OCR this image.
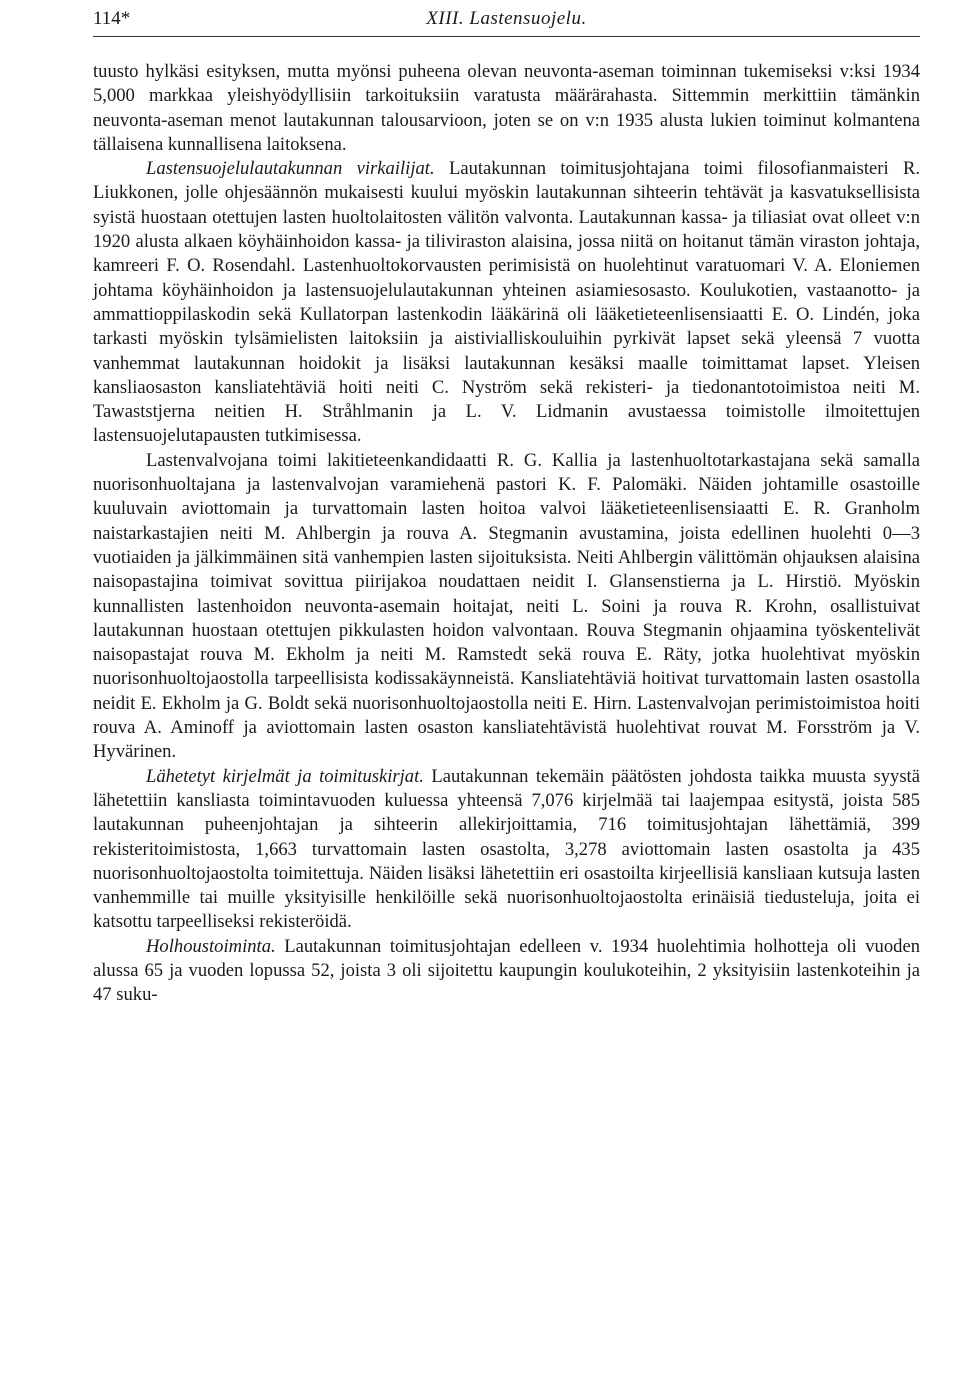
114*	XIII. Lastensuojelu.

tuusto hylkäsi esityksen, mutta myönsi puheena olevan neuvonta-aseman toiminnan tukemiseksi v:ksi 1934 5,000 markkaa yleishyödyllisiin tarkoituksiin varatusta määrärahasta. Sittemmin merkittiin tämänkin neuvonta-aseman menot lautakunnan talousarvioon, joten se on v:n 1935 alusta lukien toiminut kolmantena tällaisena kunnallisena laitoksena.

Lastensuojelulautakunnan virkailijat. Lautakunnan toimitusjohtajana toimi filosofianmaisteri R. Liukkonen, jolle ohjesäännön mukaisesti kuului myöskin lautakunnan sihteerin tehtävät ja kasvatuksellisista syistä huostaan otettujen lasten huoltolaitosten välitön valvonta. Lautakunnan kassa- ja tiliasiat ovat olleet v:n 1920 alusta alkaen köyhäinhoidon kassa- ja tiliviraston alaisina, jossa niitä on hoitanut tämän viraston johtaja, kamreeri F. O. Rosendahl. Lastenhuoltokorvausten perimisistä on huolehtinut varatuomari V. A. Eloniemen johtama köyhäinhoidon ja lastensuojelulautakunnan yhteinen asiamiesosasto. Koulukotien, vastaanotto- ja ammattioppilaskodin sekä Kullatorpan lastenkodin lääkärinä oli lääketieteenlisensiaatti E. O. Lindén, joka tarkasti myöskin tylsämielisten laitoksiin ja aistivialliskouluihin pyrkivät lapset sekä yleensä 7 vuotta vanhemmat lautakunnan hoidokit ja lisäksi lautakunnan kesäksi maalle toimittamat lapset. Yleisen kansliaosaston kansliatehtäviä hoiti neiti C. Nyström sekä rekisteri- ja tiedonantotoimistoa neiti M. Tawaststjerna neitien H. Stråhlmanin ja L. V. Lidmanin avustaessa toimistolle ilmoitettujen lastensuojelutapausten tutkimisessa.

Lastenvalvojana toimi lakitieteenkandidaatti R. G. Kallia ja lastenhuoltotarkastajana sekä samalla nuorisonhuoltajana ja lastenvalvojan varamiehenä pastori K. F. Palomäki. Näiden johtamille osastoille kuuluvain aviottomain ja turvattomain lasten hoitoa valvoi lääketieteenlisensiaatti E. R. Granholm naistarkastajien neiti M. Ahlbergin ja rouva A. Stegmanin avustamina, joista edellinen huolehti 0—3 vuotiaiden ja jälkimmäinen sitä vanhempien lasten sijoituksista. Neiti Ahlbergin välittömän ohjauksen alaisina naisopastajina toimivat sovittua piirijakoa noudattaen neidit I. Glansenstierna ja L. Hirstiö. Myöskin kunnallisten lastenhoidon neuvonta-asemain hoitajat, neiti L. Soini ja rouva R. Krohn, osallistuivat lautakunnan huostaan otettujen pikkulasten hoidon valvontaan. Rouva Stegmanin ohjaamina työskentelivät naisopastajat rouva M. Ekholm ja neiti M. Ramstedt sekä rouva E. Räty, jotka huolehtivat myöskin nuorisonhuoltojaostolla tarpeellisista kodissakäynneistä. Kansliatehtäviä hoitivat turvattomain lasten osastolla neidit E. Ekholm ja G. Boldt sekä nuorisonhuoltojaostolla neiti E. Hirn. Lastenvalvojan perimistoimistoa hoiti rouva A. Aminoff ja aviottomain lasten osaston kansliatehtävistä huolehtivat rouvat M. Forsström ja V. Hyvärinen.

Lähetetyt kirjelmät ja toimituskirjat. Lautakunnan tekemäin päätösten johdosta taikka muusta syystä lähetettiin kansliasta toimintavuoden kuluessa yhteensä 7,076 kirjelmää tai laajempaa esitystä, joista 585 lautakunnan puheenjohtajan ja sihteerin allekirjoittamia, 716 toimitusjohtajan lähettämiä, 399 rekisteritoimistosta, 1,663 turvattomain lasten osastolta, 3,278 aviottomain lasten osastolta ja 435 nuorisonhuoltojaostolta toimitettuja. Näiden lisäksi lähetettiin eri osastoilta kirjeellisiä kansliaan kutsuja lasten vanhemmille tai muille yksityisille henkilöille sekä nuorisonhuoltojaostolta erinäisiä tiedusteluja, joita ei katsottu tarpeelliseksi rekisteröidä.

Holhoustoiminta. Lautakunnan toimitusjohtajan edelleen v. 1934 huolehtimia holhotteja oli vuoden alussa 65 ja vuoden lopussa 52, joista 3 oli sijoitettu kaupungin koulukoteihin, 2 yksityisiin lastenkoteihin ja 47 suku-
